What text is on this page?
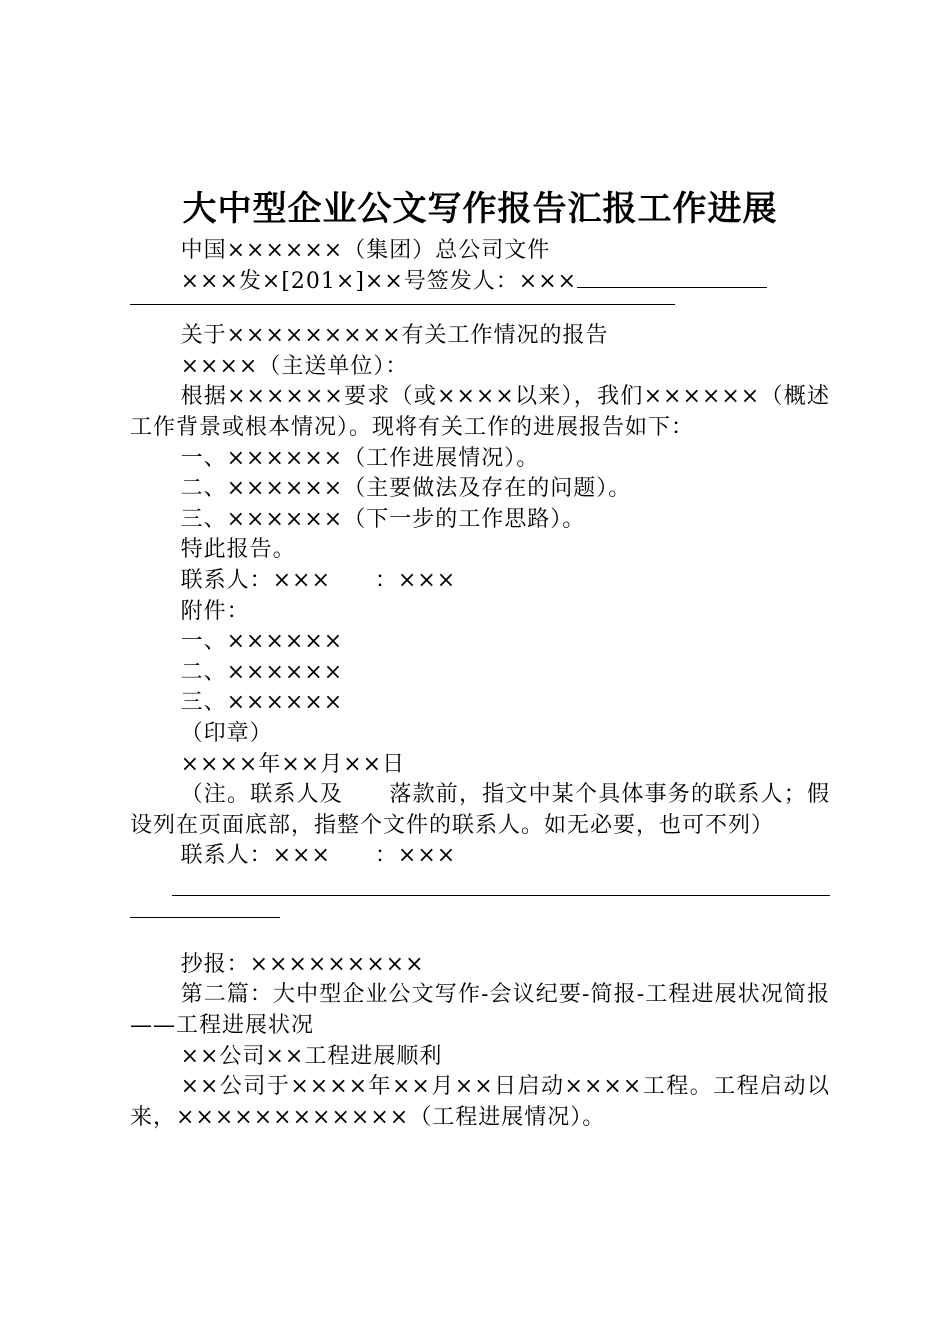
大中型企业公文写作报告汇报工作进展

中国××××××（集团）总公司文件

×××发×[201×]××号签发人：×××

关于×××××××××有关工作情况的报告

××××（主送单位）：

根据××××××要求（或××××以来），我们××××××（概述工作背景或根本情况）。现将有关工作的进展报告如下：

一、××××××（工作进展情况）。

二、××××××（主要做法及存在的问题）。

三、××××××（下一步的工作思路）。

特此报告。

联系人：××× ：×××

附件：

一、××××××

二、××××××

三、××××××

（印章）

××××年××月××日

（注。联系人及　　落款前，指文中某个具体事务的联系人；假设列在页面底部，指整个文件的联系人。如无必要，也可不列）

联系人：××× ：×××

抄报：×××××××××

第二篇：大中型企业公文写作-会议纪要-简报-工程进展状况简报——工程进展状况

××公司××工程进展顺利

××公司于××××年××月××日启动××××工程。工程启动以来，××××××××××××（工程进展情况）。
